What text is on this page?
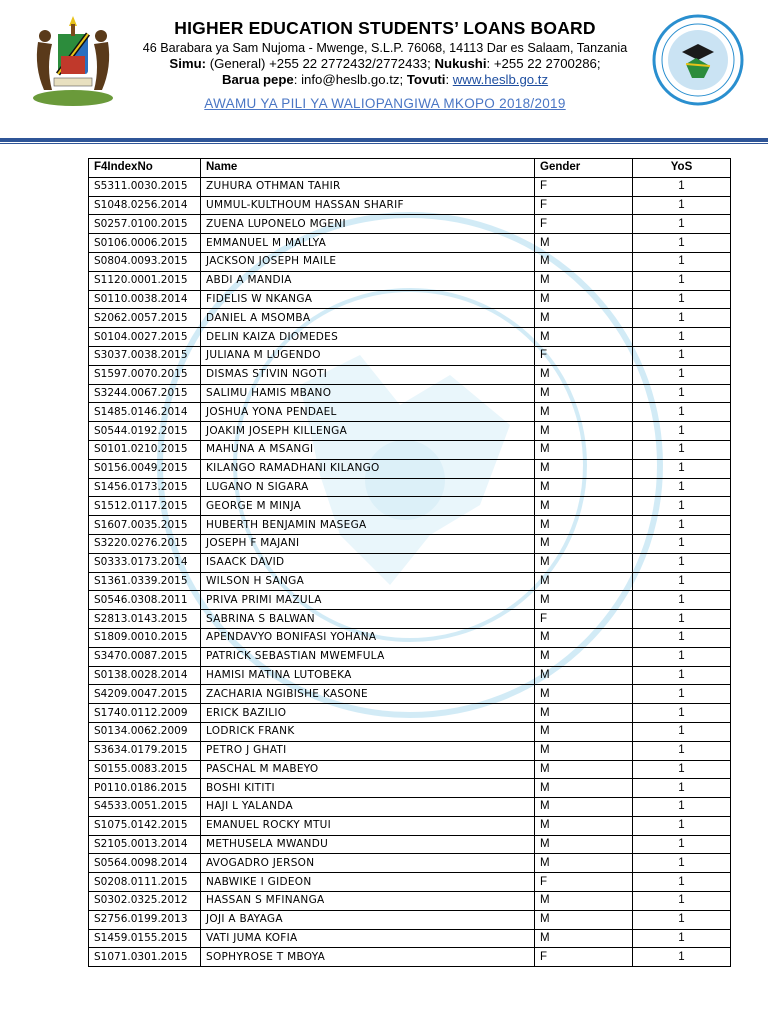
HIGHER EDUCATION STUDENTS’ LOANS BOARD
46 Barabara ya Sam Nujoma - Mwenge, S.L.P. 76068, 14113 Dar es Salaam, Tanzania
Simu: (General) +255 22 2772432/2772433; Nukushi: +255 22 2700286;
Barua pepe: info@heslb.go.tz; Tovuti: www.heslb.go.tz
AWAMU YA PILI YA WALIOPANGIWA MKOPO 2018/2019
F4IndexNo	Name	Gender	YoS
S5311.0030.2015	ZUHURA OTHMAN TAHIR	F	1
S1048.0256.2014	UMMUL-KULTHOUM HASSAN SHARIF	F	1
S0257.0100.2015	ZUENA LUPONELO MGENI	F	1
S0106.0006.2015	EMMANUEL M MALLYA	M	1
S0804.0093.2015	JACKSON JOSEPH MAILE	M	1
S1120.0001.2015	ABDI A MANDIA	M	1
S0110.0038.2014	FIDELIS W NKANGA	M	1
S2062.0057.2015	DANIEL A MSOMBA	M	1
S0104.0027.2015	DELIN KAIZA DIOMEDES	M	1
S3037.0038.2015	JULIANA M LUGENDO	F	1
S1597.0070.2015	DISMAS STIVIN NGOTI	M	1
S3244.0067.2015	SALIMU HAMIS MBANO	M	1
S1485.0146.2014	JOSHUA YONA PENDAEL	M	1
S0544.0192.2015	JOAKIM JOSEPH KILLENGA	M	1
S0101.0210.2015	MAHUNA A MSANGI	M	1
S0156.0049.2015	KILANGO RAMADHANI KILANGO	M	1
S1456.0173.2015	LUGANO N SIGARA	M	1
S1512.0117.2015	GEORGE M MINJA	M	1
S1607.0035.2015	HUBERTH BENJAMIN MASEGA	M	1
S3220.0276.2015	JOSEPH F MAJANI	M	1
S0333.0173.2014	ISAACK DAVID	M	1
S1361.0339.2015	WILSON H SANGA	M	1
S0546.0308.2011	PRIVA PRIMI MAZULA	M	1
S2813.0143.2015	SABRINA S BALWAN	F	1
S1809.0010.2015	APENDAVYO BONIFASI YOHANA	M	1
S3470.0087.2015	PATRICK SEBASTIAN MWEMFULA	M	1
S0138.0028.2014	HAMISI MATINA LUTOBEKA	M	1
S4209.0047.2015	ZACHARIA NGIBISHE KASONE	M	1
S1740.0112.2009	ERICK BAZILIO	M	1
S0134.0062.2009	LODRICK FRANK	M	1
S3634.0179.2015	PETRO J GHATI	M	1
S0155.0083.2015	PASCHAL M MABEYO	M	1
P0110.0186.2015	BOSHI KITITI	M	1
S4533.0051.2015	HAJI L YALANDA	M	1
S1075.0142.2015	EMANUEL ROCKY MTUI	M	1
S2105.0013.2014	METHUSELA MWANDU	M	1
S0564.0098.2014	AVOGADRO JERSON	M	1
S0208.0111.2015	NABWIKE I GIDEON	F	1
S0302.0325.2012	HASSAN S MFINANGA	M	1
S2756.0199.2013	JOJI A BAYAGA	M	1
S1459.0155.2015	VATI JUMA KOFIA	M	1
S1071.0301.2015	SOPHYROSE T MBOYA	F	1
